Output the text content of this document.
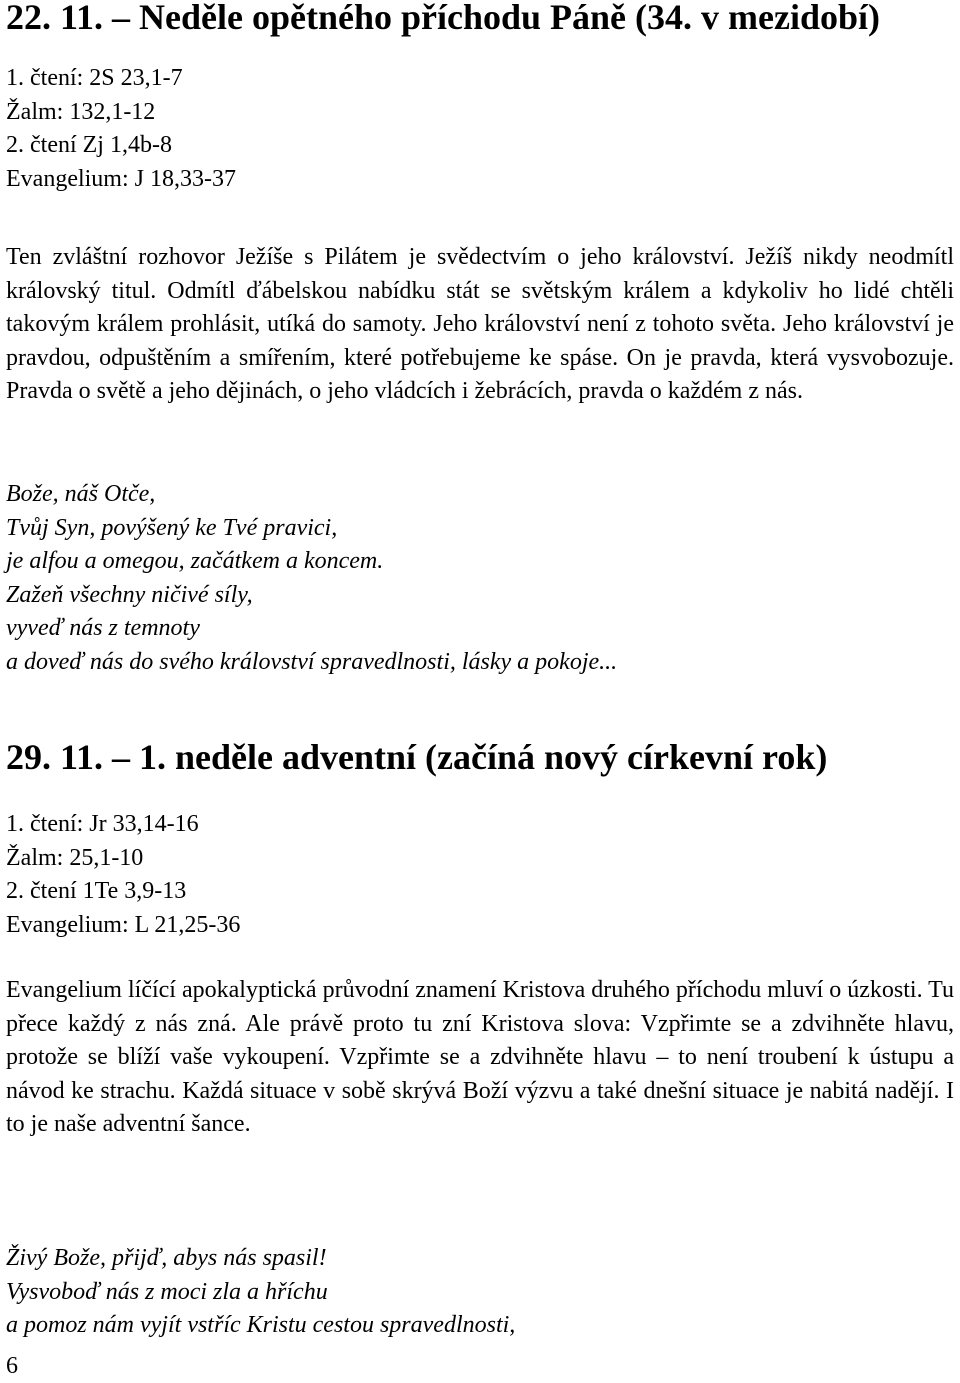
22. 11. – Neděle opětného příchodu Páně (34. v mezidobí)
1. čtení: 2S 23,1-7
Žalm: 132,1-12
2. čtení Zj 1,4b-8
Evangelium: J 18,33-37

Ten zvláštní rozhovor Ježíše s Pilátem je svědectvím o jeho království. Ježíš nikdy neodmítl královský titul. Odmítl ďábelskou nabídku stát se světským králem a kdykoliv ho lidé chtěli takovým králem prohlásit, utíká do samoty. Jeho království není z tohoto světa. Jeho království je pravdou, odpuštěním a smířením, které potřebujeme ke spáse. On je pravda, která vysvobozuje. Pravda o světě a jeho dějinách, o jeho vládcích i žebrácích, pravda o každém z nás.

Bože, náš Otče,
Tvůj Syn, povýšený ke Tvé pravici,
je alfou a omegou, začátkem a koncem.
Zažeň všechny ničivé síly,
vyveď nás z temnoty
a doveď nás do svého království spravedlnosti, lásky a pokoje...
29. 11. – 1. neděle adventní (začíná nový církevní rok)
1. čtení: Jr 33,14-16
Žalm: 25,1-10
2. čtení 1Te 3,9-13
Evangelium: L 21,25-36

Evangelium líčící apokalyptická průvodní znamení Kristova druhého příchodu mluví o úzkosti. Tu přece každý z nás zná. Ale právě proto tu zní Kristova slova: Vzpřimte se a zdvihněte hlavu, protože se blíží vaše vykoupení. Vzpřimte se a zdvihněte hlavu – to není troubení k ústupu a návod ke strachu. Každá situace v sobě skrývá Boží výzvu a také dnešní situace je nabitá nadějí. I to je naše adventní šance.

Živý Bože, přijď, abys nás spasil!
Vysvoboď nás z moci zla a hříchu
a pomoz nám vyjít vstříc Kristu cestou spravedlnosti,
6
